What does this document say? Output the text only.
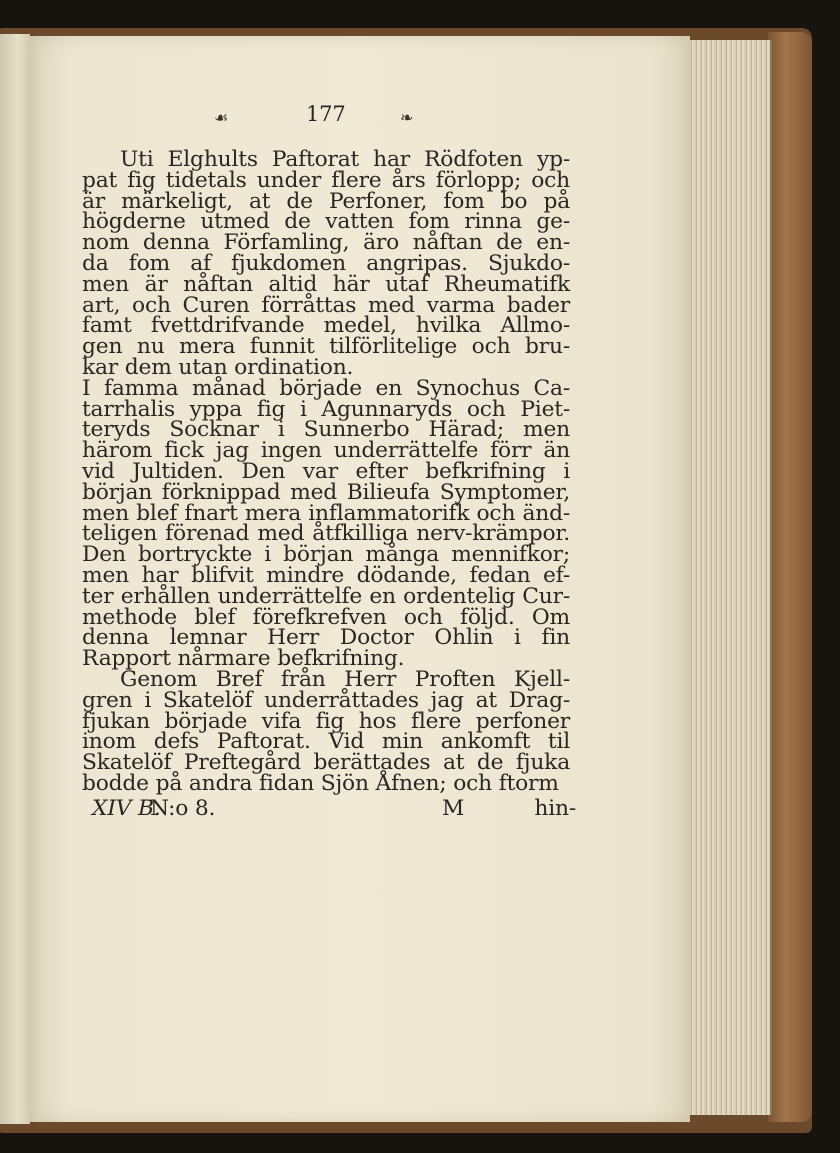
☙	177	❧
Uti Elghults Paftorat har Rödfoten yp-
pat fig tidetals under flere års förlopp; och
är märkeligt, at de Perfoner, fom bo på
högderne utmed de vatten fom rinna ge-
nom denna Förfamling, äro nåftan de en-
da fom af fjukdomen angripas. Sjukdo-
men är nåftan altid här utaf Rheumatifk
art, och Curen förråttas med varma bader
famt fvettdrifvande medel, hvilka Allmo-
gen nu mera funnit tilförlitelige och bru-
kar dem utan ordination.
I famma månad började en Synochus Ca-
tarrhalis yppa fig i Agunnaryds och Piet-
teryds Socknar i Sunnerbo Härad; men
härom fick jag ingen underrättelfe förr än
vid Jultiden. Den var efter befkrifning i
början förknippad med Bilieufa Symptomer,
men blef fnart mera inflammatorifk och änd-
teligen förenad med åtfkilliga nerv-krämpor.
Den bortryckte i början många mennifkor;
men har blifvit mindre dödande, fedan ef-
ter erhållen underrättelfe en ordentelig Cur-
methode blef förefkrefven och följd. Om
denna lemnar Herr Doctor Ohlin i fin
Rapport nårmare befkrifning.
Genom Bref från Herr Proften Kjell-
gren i Skatelöf underråttades jag at Drag-
fjukan började vifa fig hos flere perfoner
inom defs Paftorat. Vid min ankomft til
Skatelöf Preftegård berättades at de fjuka
bodde på andra fidan Sjön Åfnen; och ftorm
XIV B.
N:o 8.	M	hin-
